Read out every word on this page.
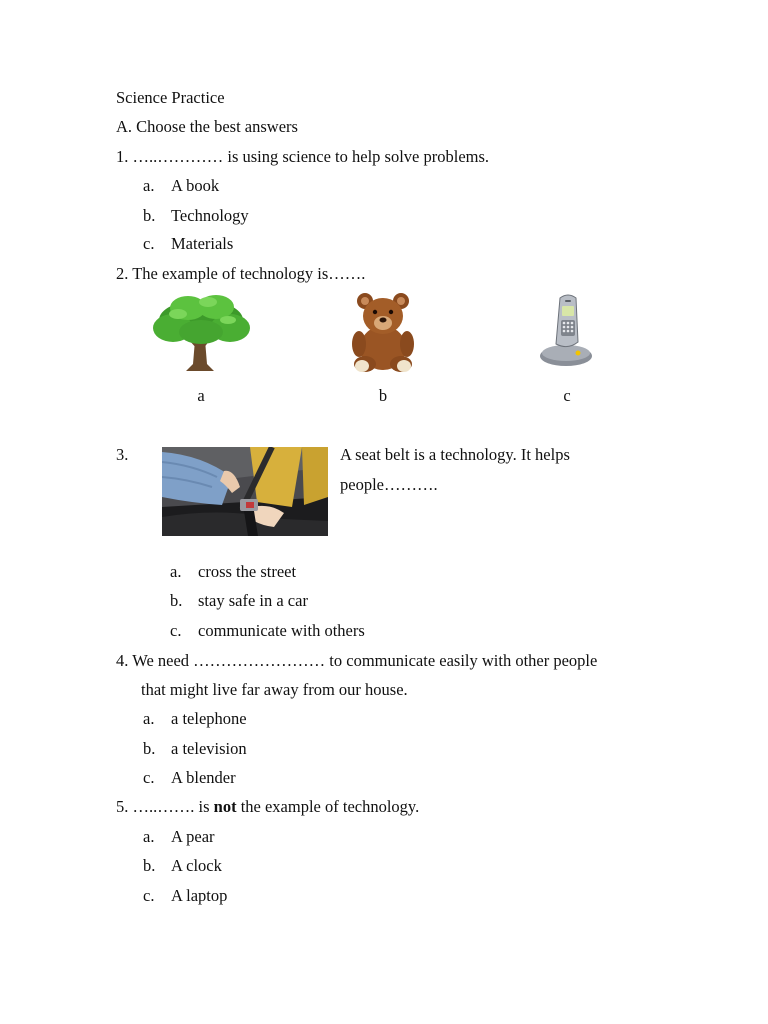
Science Practice
A. Choose the best answers
1. …..………… is using science to help solve problems.
a.	A book
b. Technology
c.	Materials
2. The example of technology is…….
a	b	c
3.	A seat belt is a technology. It helps
people……….
a.	cross the street
b. stay safe in a car
c.	communicate with others
4. We need …………………… to communicate easily with other people
that might live far away from our house.
a.	a telephone
b. a television
c.	A blender
5. …..……. is not the example of technology.
a.	A pear
b. A clock
c.	A laptop
